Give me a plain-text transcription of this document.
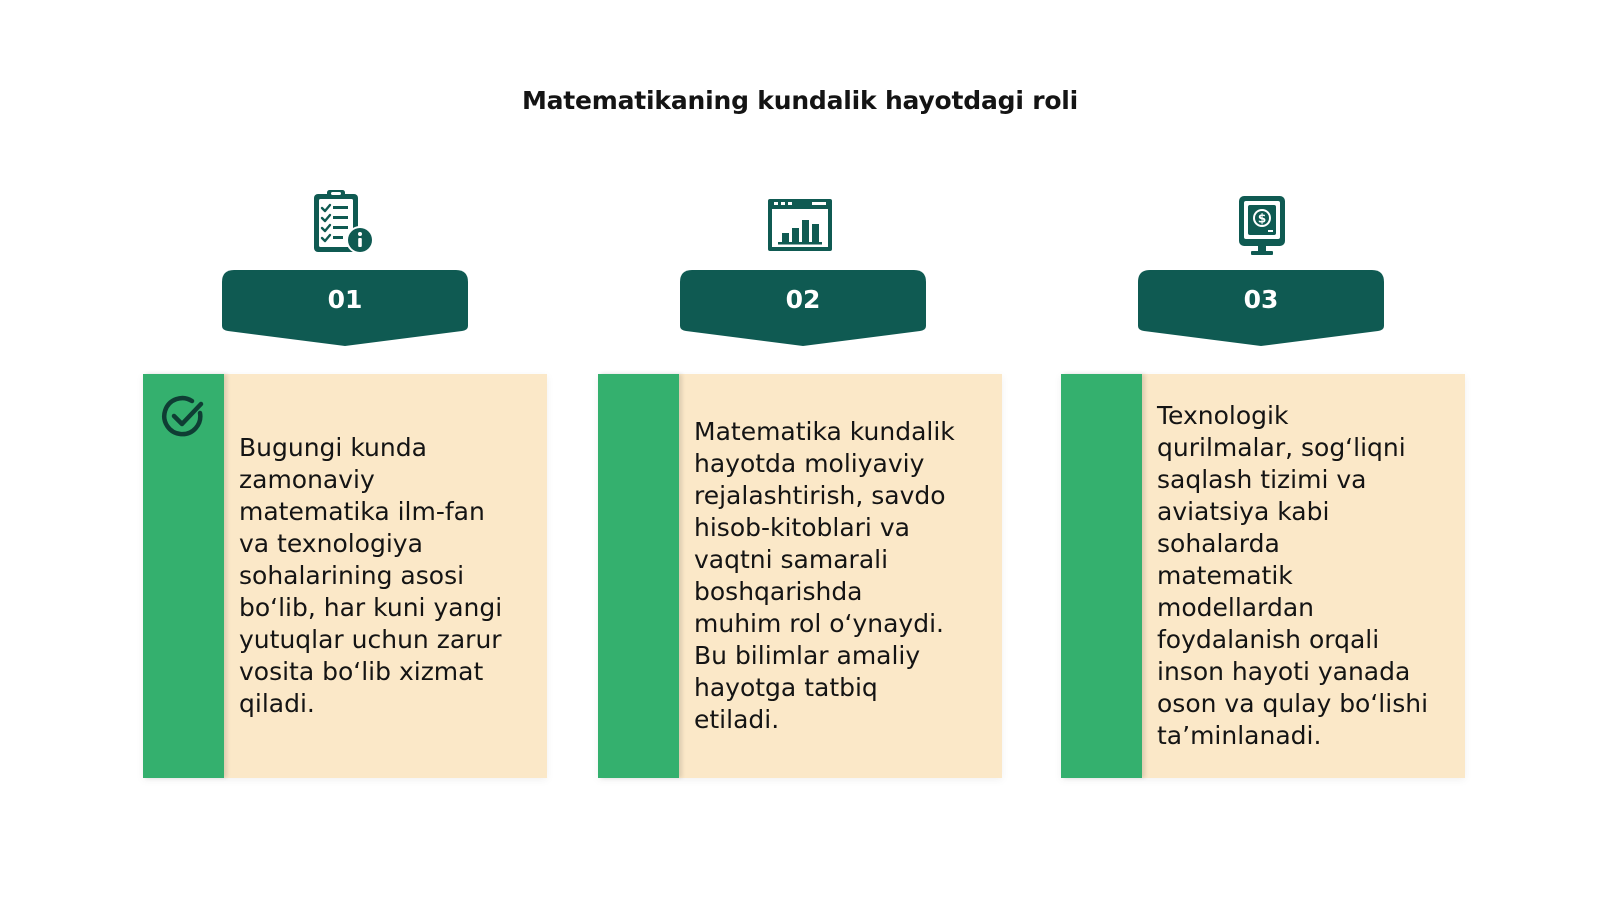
Matematikaning kundalik hayotdagi roli
01
Bugungi kunda
zamonaviy
matematika ilm-fan
va texnologiya
sohalarining asosi
bo‘lib, har kuni yangi
yutuqlar uchun zarur
vosita bo‘lib xizmat
qiladi.
02
Matematika kundalik
hayotda moliyaviy
rejalashtirish, savdo
hisob-kitoblari va
vaqtni samarali
boshqarishda
muhim rol o‘ynaydi.
Bu bilimlar amaliy
hayotga tatbiq
etiladi.
$
03
Texnologik
qurilmalar, sog‘liqni
saqlash tizimi va
aviatsiya kabi
sohalarda
matematik
modellardan
foydalanish orqali
inson hayoti yanada
oson va qulay bo‘lishi
ta’minlanadi.
